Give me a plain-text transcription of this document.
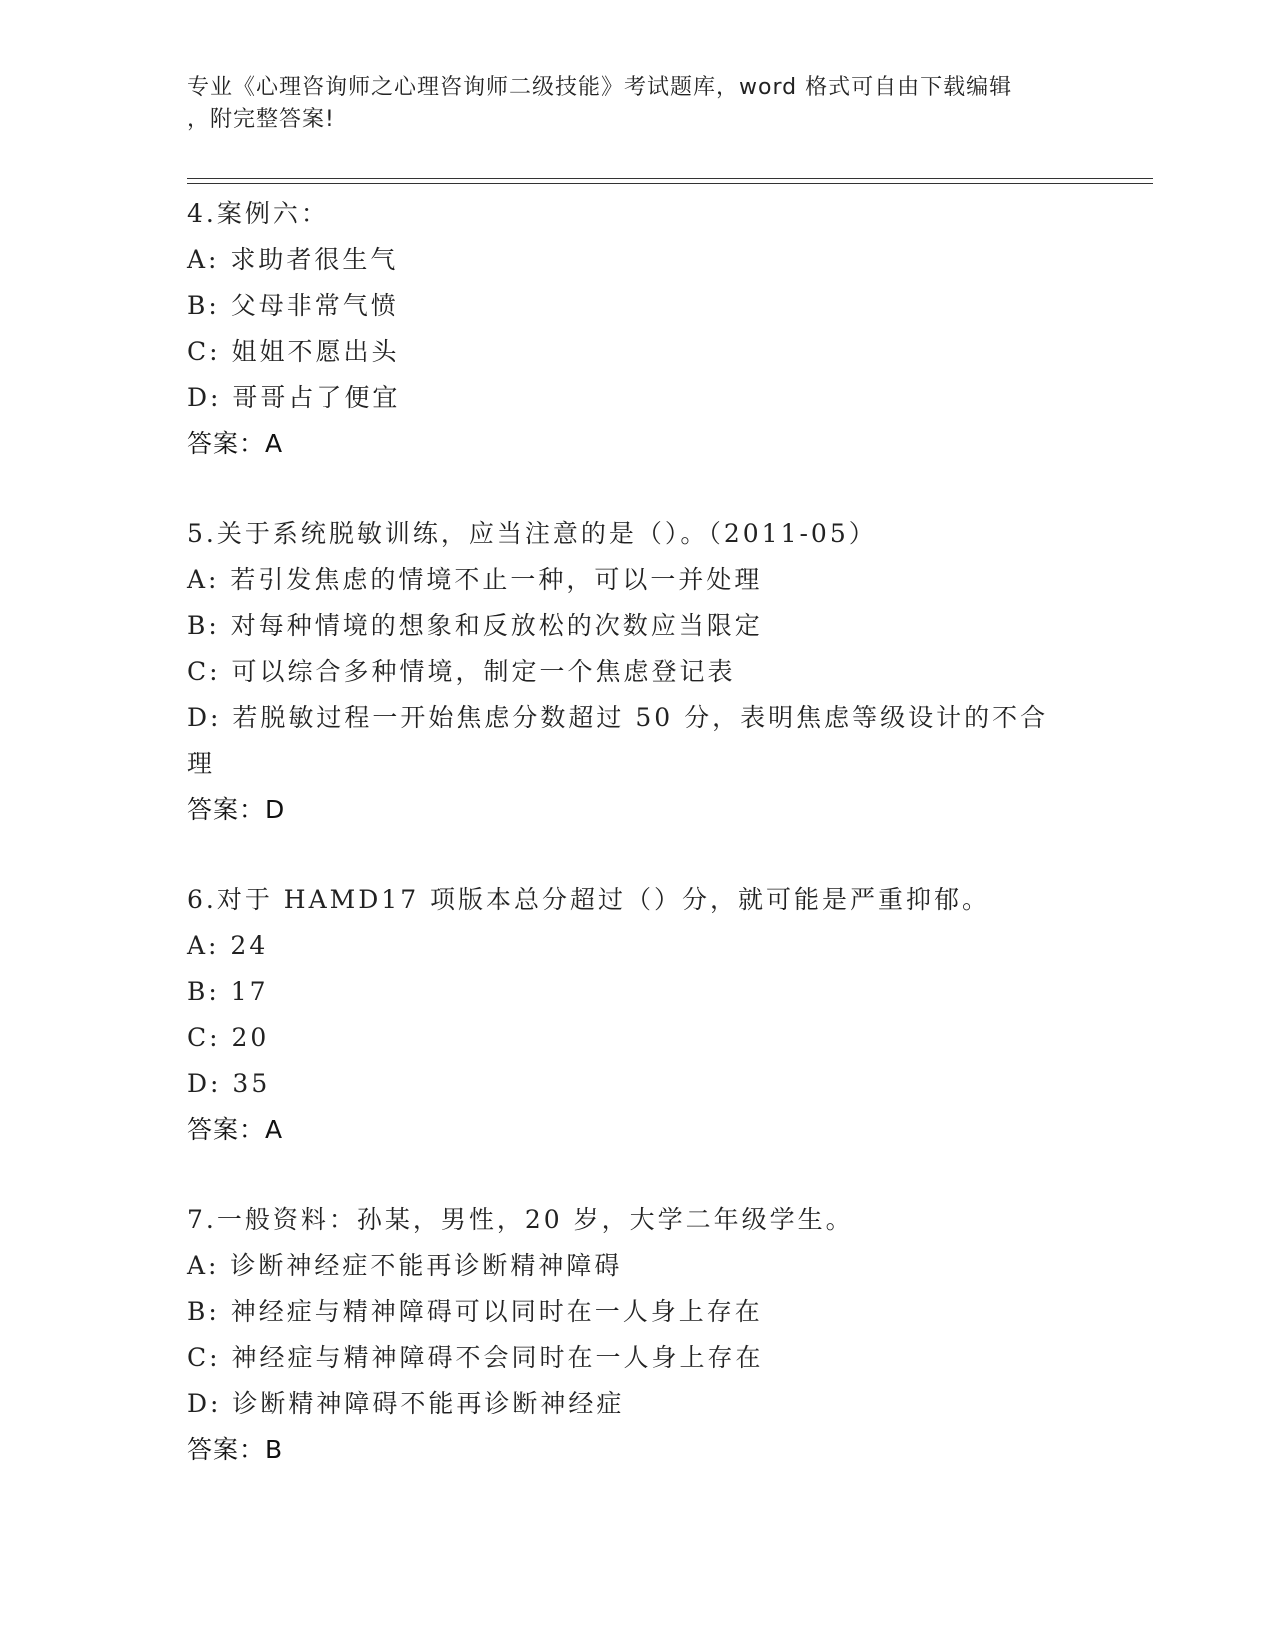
专业《心理咨询师之心理咨询师二级技能》考试题库，word 格式可自由下载编辑
，附完整答案!
4.案例六：
A: 求助者很生气
B: 父母非常气愤
C: 姐姐不愿出头
D: 哥哥占了便宜
答案：A
5.关于系统脱敏训练，应当注意的是（）。（2011-05）
A: 若引发焦虑的情境不止一种，可以一并处理
B: 对每种情境的想象和反放松的次数应当限定
C: 可以综合多种情境，制定一个焦虑登记表
D: 若脱敏过程一开始焦虑分数超过 50 分，表明焦虑等级设计的不合理
答案：D
6.对于 HAMD17 项版本总分超过（）分，就可能是严重抑郁。
A: 24
B: 17
C: 20
D: 35
答案：A
7.一般资料：孙某，男性，20 岁，大学二年级学生。
A: 诊断神经症不能再诊断精神障碍
B: 神经症与精神障碍可以同时在一人身上存在
C: 神经症与精神障碍不会同时在一人身上存在
D: 诊断精神障碍不能再诊断神经症
答案：B
